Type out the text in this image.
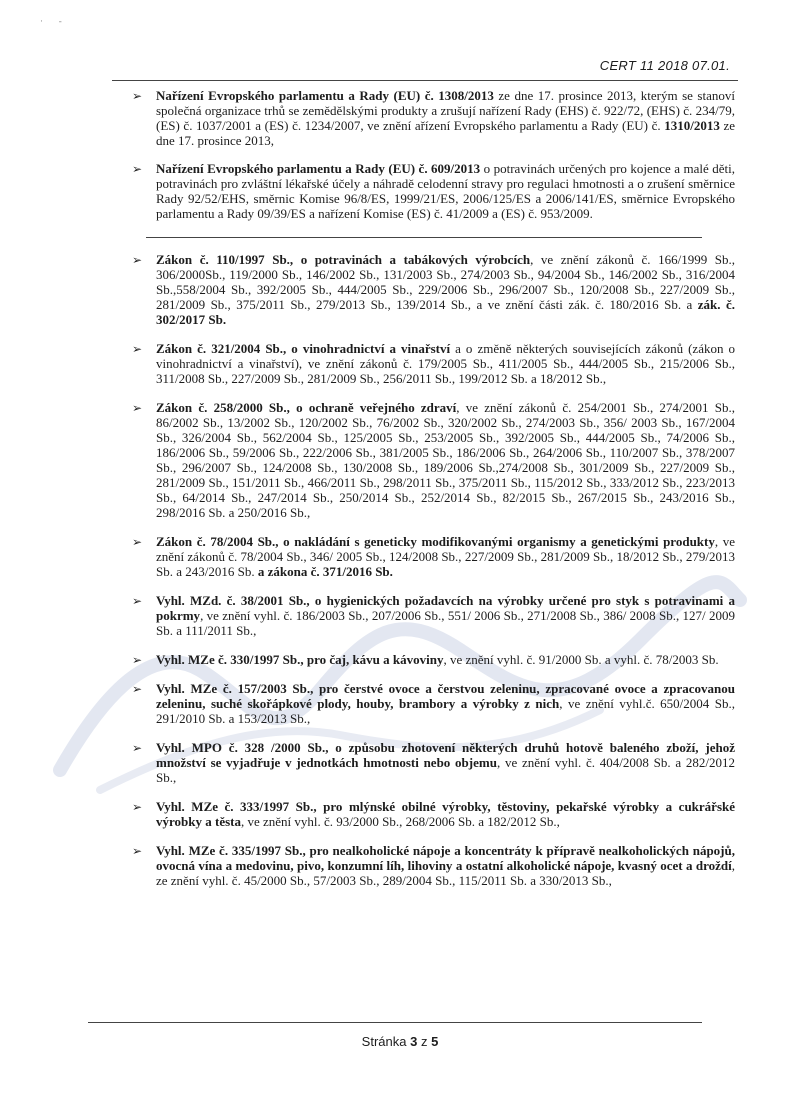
·       -
CERT 11 2018 07.01.
➢ Nařízení Evropského parlamentu a Rady (EU) č. 1308/2013 ze dne 17. prosince 2013, kterým se stanoví společná organizace trhů se zemědělskými produkty a zrušují nařízení Rady (EHS) č. 922/72, (EHS) č. 234/79, (ES) č. 1037/2001 a (ES) č. 1234/2007, ve znění ařízení Evropského parlamentu a Rady (EU) č. 1310/2013 ze dne 17. prosince 2013,
➢ Nařízení Evropského parlamentu a Rady (EU) č. 609/2013 o potravinách určených pro kojence a malé děti, potravinách pro zvláštní lékařské účely a náhradě celodenní stravy pro regulaci hmotnosti a o zrušení směrnice Rady 92/52/EHS, směrnic Komise 96/8/ES, 1999/21/ES, 2006/125/ES a 2006/141/ES, směrnice Evropského parlamentu a Rady 09/39/ES a nařízení Komise (ES) č. 41/2009 a (ES) č. 953/2009.
➢ Zákon č. 110/1997 Sb., o potravinách a tabákových výrobcích, ve znění zákonů č. 166/1999 Sb., 306/2000Sb., 119/2000 Sb., 146/2002 Sb., 131/2003 Sb., 274/2003 Sb., 94/2004 Sb., 146/2002 Sb., 316/2004 Sb.,558/2004 Sb., 392/2005 Sb., 444/2005 Sb., 229/2006 Sb., 296/2007 Sb., 120/2008 Sb., 227/2009 Sb., 281/2009 Sb., 375/2011 Sb., 279/2013 Sb., 139/2014 Sb., a ve znění části zák. č. 180/2016 Sb. a zák. č. 302/2017 Sb.
➢ Zákon č. 321/2004 Sb., o vinohradnictví a vinařství a o změně některých souvisejících zákonů (zákon o vinohradnictví a vinařství), ve znění zákonů č. 179/2005 Sb., 411/2005 Sb., 444/2005 Sb., 215/2006 Sb., 311/2008 Sb., 227/2009 Sb., 281/2009 Sb., 256/2011 Sb., 199/2012 Sb. a 18/2012 Sb.,
➢ Zákon č. 258/2000 Sb., o ochraně veřejného zdraví, ve znění zákonů č. 254/2001 Sb., 274/2001 Sb., 86/2002 Sb., 13/2002 Sb., 120/2002 Sb., 76/2002 Sb., 320/2002 Sb., 274/2003 Sb., 356/ 2003 Sb., 167/2004 Sb., 326/2004 Sb., 562/2004 Sb., 125/2005 Sb., 253/2005 Sb., 392/2005 Sb., 444/2005 Sb., 74/2006 Sb., 186/2006 Sb., 59/2006 Sb., 222/2006 Sb., 381/2005 Sb., 186/2006 Sb., 264/2006 Sb., 110/2007 Sb., 378/2007 Sb., 296/2007 Sb., 124/2008 Sb., 130/2008 Sb., 189/2006 Sb.,274/2008 Sb., 301/2009 Sb., 227/2009 Sb., 281/2009 Sb., 151/2011 Sb., 466/2011 Sb., 298/2011 Sb., 375/2011 Sb., 115/2012 Sb., 333/2012 Sb., 223/2013 Sb., 64/2014 Sb., 247/2014 Sb., 250/2014 Sb., 252/2014 Sb., 82/2015 Sb., 267/2015 Sb., 243/2016 Sb., 298/2016 Sb. a 250/2016 Sb.,
➢ Zákon č. 78/2004 Sb., o nakládání s geneticky modifikovanými organismy a genetickými produkty, ve znění zákonů č. 78/2004 Sb., 346/ 2005 Sb., 124/2008 Sb., 227/2009 Sb., 281/2009 Sb., 18/2012 Sb., 279/2013 Sb. a 243/2016 Sb. a zákona č. 371/2016 Sb.
➢ Vyhl. MZd. č. 38/2001 Sb., o hygienických požadavcích na výrobky určené pro styk s potravinami a pokrmy, ve znění vyhl. č. 186/2003 Sb., 207/2006 Sb., 551/ 2006 Sb., 271/2008 Sb., 386/ 2008 Sb., 127/ 2009 Sb. a 111/2011 Sb.,
➢ Vyhl. MZe č. 330/1997 Sb., pro čaj, kávu a kávoviny, ve znění vyhl. č. 91/2000 Sb. a vyhl. č. 78/2003 Sb.
➢ Vyhl. MZe č. 157/2003 Sb., pro čerstvé ovoce a čerstvou zeleninu, zpracované ovoce a zpracovanou zeleninu, suché skořápkové plody, houby, brambory a výrobky z nich, ve znění vyhl.č. 650/2004 Sb., 291/2010 Sb. a 153/2013 Sb.,
➢ Vyhl. MPO č. 328 /2000 Sb., o způsobu zhotovení některých druhů hotově baleného zboží, jehož množství se vyjadřuje v jednotkách hmotnosti nebo objemu, ve znění vyhl. č. 404/2008 Sb. a 282/2012 Sb.,
➢ Vyhl. MZe č. 333/1997 Sb., pro mlýnské obilné výrobky, těstoviny, pekařské výrobky a cukrářské výrobky a těsta, ve znění vyhl. č. 93/2000 Sb., 268/2006 Sb. a 182/2012 Sb.,
➢ Vyhl. MZe č. 335/1997 Sb., pro nealkoholické nápoje a koncentráty k přípravě nealkoholických nápojů, ovocná vína a medovinu, pivo, konzumní líh, lihoviny a ostatní alkoholické nápoje, kvasný ocet a droždí, ze znění vyhl. č. 45/2000 Sb., 57/2003 Sb., 289/2004 Sb., 115/2011 Sb. a 330/2013 Sb.,
Stránka 3 z 5
